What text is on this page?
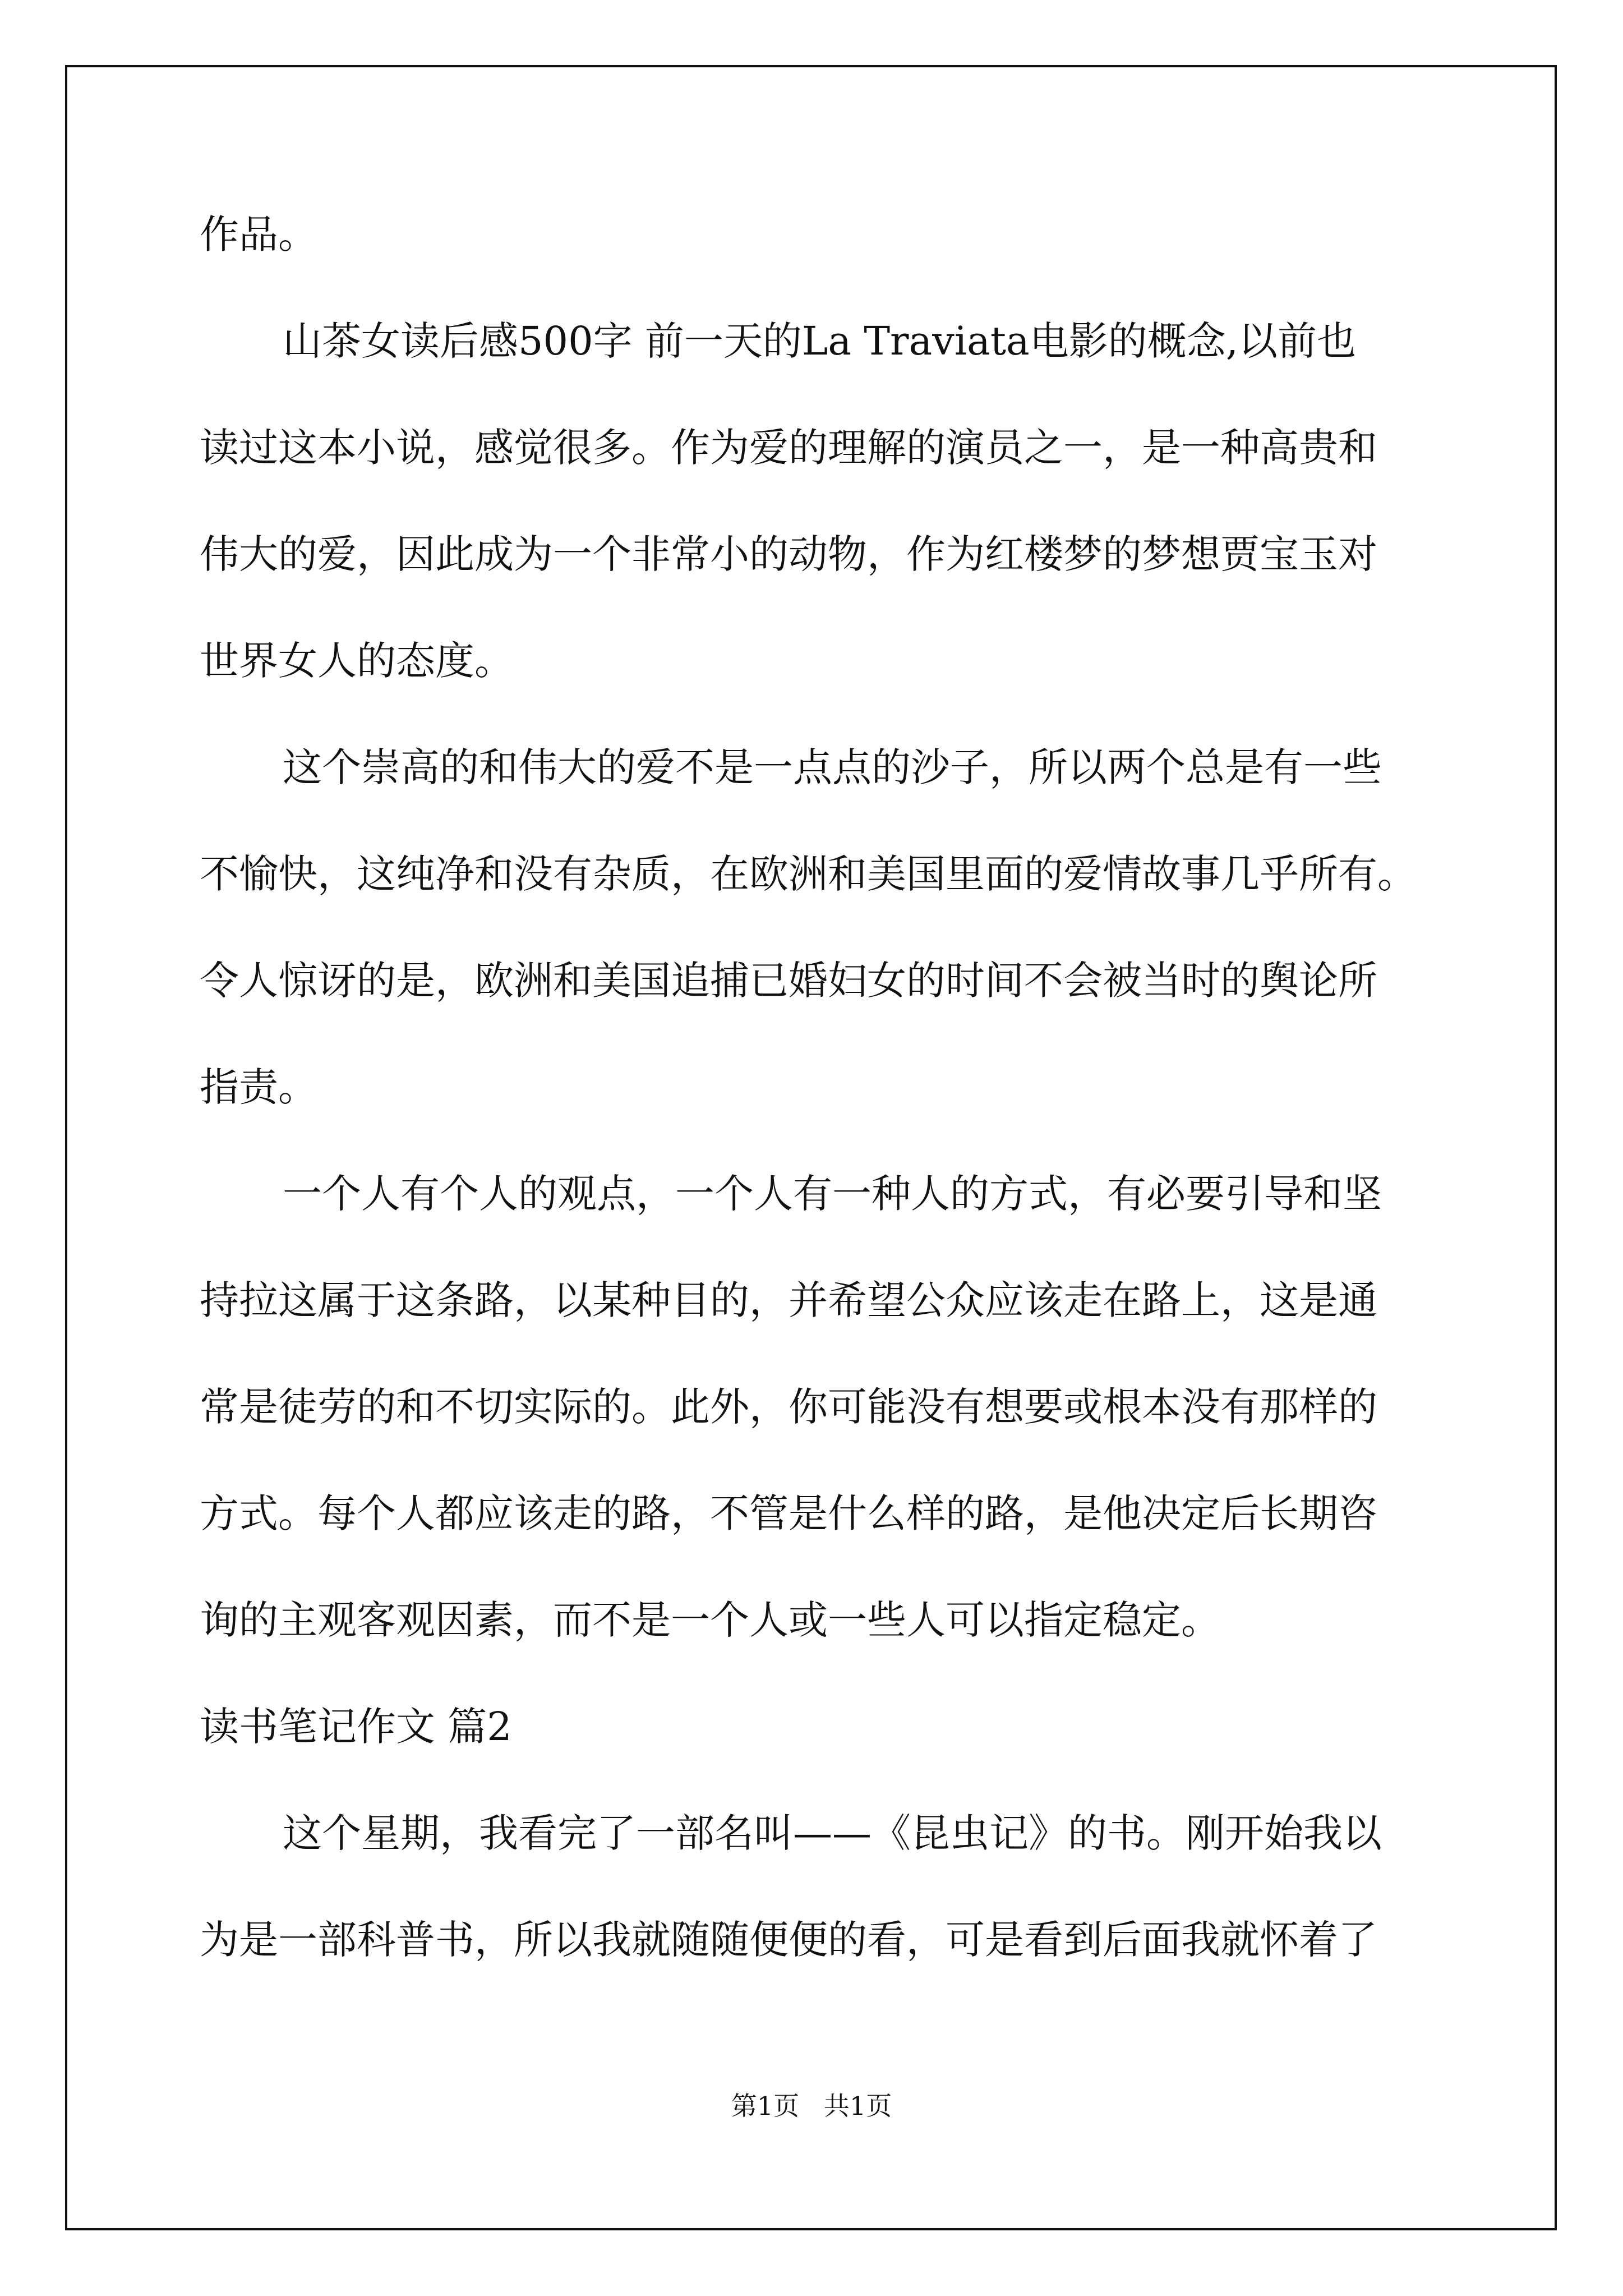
作品。
山茶女读后感500字 前一天的La Traviata电影的概念,以前也
读过这本小说，感觉很多。作为爱的理解的演员之一，是一种高贵和
伟大的爱，因此成为一个非常小的动物，作为红楼梦的梦想贾宝玉对
世界女人的态度。
这个崇高的和伟大的爱不是一点点的沙子，所以两个总是有一些
不愉快，这纯净和没有杂质，在欧洲和美国里面的爱情故事几乎所有。
令人惊讶的是，欧洲和美国追捕已婚妇女的时间不会被当时的舆论所
指责。
一个人有个人的观点，一个人有一种人的方式，有必要引导和坚
持拉这属于这条路，以某种目的，并希望公众应该走在路上，这是通
常是徒劳的和不切实际的。此外，你可能没有想要或根本没有那样的
方式。每个人都应该走的路，不管是什么样的路，是他决定后长期咨
询的主观客观因素，而不是一个人或一些人可以指定稳定。
读书笔记作文 篇2
这个星期，我看完了一部名叫——《昆虫记》的书。刚开始我以
为是一部科普书，所以我就随随便便的看，可是看到后面我就怀着了
第1页   共1页
